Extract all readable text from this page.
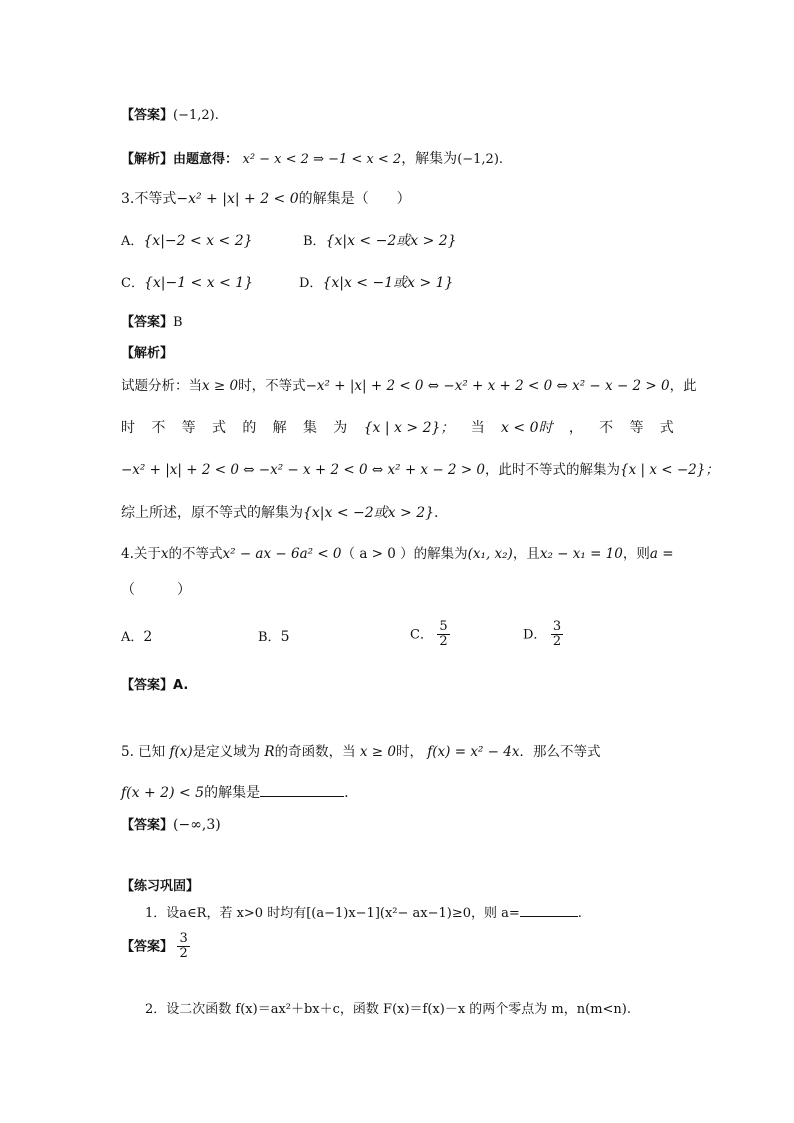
【答案】(−1,2).
【解析】由题意得： x² − x < 2 ⇒ −1 < x < 2，解集为(−1,2).
3.不等式−x² + |x| + 2 < 0的解集是（　　）
A．{x|−2 < x < 2}	B．{x|x < −2或x > 2}
C．{x|−1 < x < 1}	D．{x|x < −1或x > 1}
【答案】B
【解析】
试题分析：当x ≥ 0时，不等式−x² + |x| + 2 < 0 ⇔ −x² + x + 2 < 0 ⇔ x² − x − 2 > 0，此
时 不 等 式 的 解 集 为 {x | x > 2}； 当 x < 0时 ， 不 等 式
−x² + |x| + 2 < 0 ⇔ −x² − x + 2 < 0 ⇔ x² + x − 2 > 0，此时不等式的解集为{x | x < −2}；
综上所述，原不等式的解集为{x|x < −2或x > 2}.
4.关于x的不等式x² − ax − 6a² < 0（ a > 0 ）的解集为(x₁, x₂)，且x₂ − x₁ = 10，则a =
（　　　）
A．2	B．5	C． $\frac{5}{2}$	D． $\frac{3}{2}$
【答案】A.
5. 已知 f(x)是定义域为 R的奇函数，当 x ≥ 0时， f(x) = x² − 4x．那么不等式
f(x + 2) < 5的解集是	.
【答案】(−∞,3)
【练习巩固】
1．设a∈R，若 x>0 时均有[(a−1)x−1](x²− ax−1)≥0，则 a=	.
【答案】 $\frac{3}{2}$
2．设二次函数 f(x)＝ax²＋bx＋c，函数 F(x)＝f(x)－x 的两个零点为 m，n(m<n).
